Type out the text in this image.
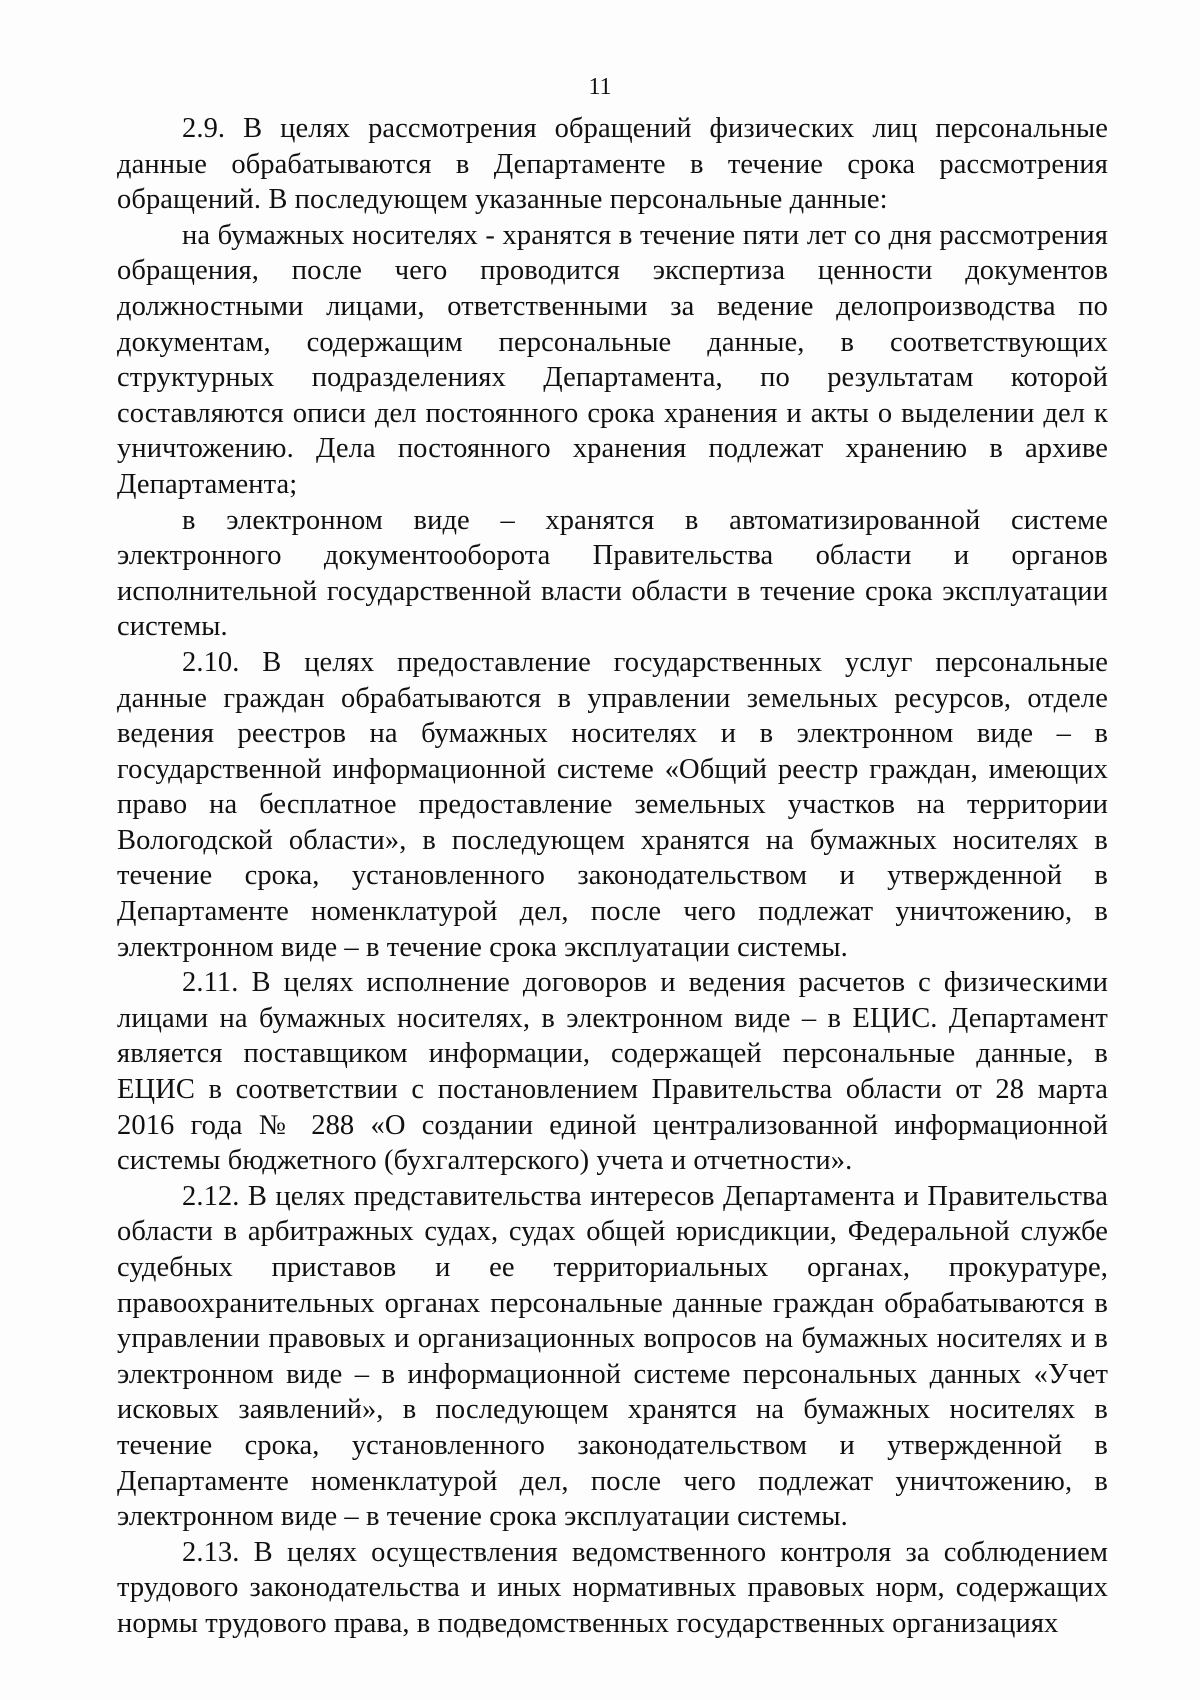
11

2.9. В целях рассмотрения обращений физических лиц персональные данные обрабатываются в Департаменте в течение срока рассмотрения обращений. В последующем указанные персональные данные:

на бумажных носителях - хранятся в течение пяти лет со дня рассмотрения обращения, после чего проводится экспертиза ценности документов должностными лицами, ответственными за ведение делопроизводства по документам, содержащим персональные данные, в соответствующих структурных подразделениях Департамента, по результатам которой составляются описи дел постоянного срока хранения и акты о выделении дел к уничтожению. Дела постоянного хранения подлежат хранению в архиве Департамента;

в электронном виде – хранятся в автоматизированной системе электронного документооборота Правительства области и органов исполнительной государственной власти области в течение срока эксплуатации системы.

2.10. В целях предоставление государственных услуг персональные данные граждан обрабатываются в управлении земельных ресурсов, отделе ведения реестров на бумажных носителях и в электронном виде – в государственной информационной системе «Общий реестр граждан, имеющих право на бесплатное предоставление земельных участков на территории Вологодской области», в последующем хранятся на бумажных носителях в течение срока, установленного законодательством и утвержденной в Департаменте номенклатурой дел, после чего подлежат уничтожению, в электронном виде – в течение срока эксплуатации системы.

2.11. В целях исполнение договоров и ведения расчетов с физическими лицами на бумажных носителях, в электронном виде – в ЕЦИС. Департамент является поставщиком информации, содержащей персональные данные, в ЕЦИС в соответствии с постановлением Правительства области от 28 марта 2016 года № 288 «О создании единой централизованной информационной системы бюджетного (бухгалтерского) учета и отчетности».

2.12. В целях представительства интересов Департамента и Правительства области в арбитражных судах, судах общей юрисдикции, Федеральной службе судебных приставов и ее территориальных органах, прокуратуре, правоохранительных органах персональные данные граждан обрабатываются в управлении правовых и организационных вопросов на бумажных носителях и в электронном виде – в информационной системе персональных данных «Учет исковых заявлений», в последующем хранятся на бумажных носителях в течение срока, установленного законодательством и утвержденной в Департаменте номенклатурой дел, после чего подлежат уничтожению, в электронном виде – в течение срока эксплуатации системы.

2.13. В целях осуществления ведомственного контроля за соблюдением трудового законодательства и иных нормативных правовых норм, содержащих нормы трудового права, в подведомственных государственных организациях
